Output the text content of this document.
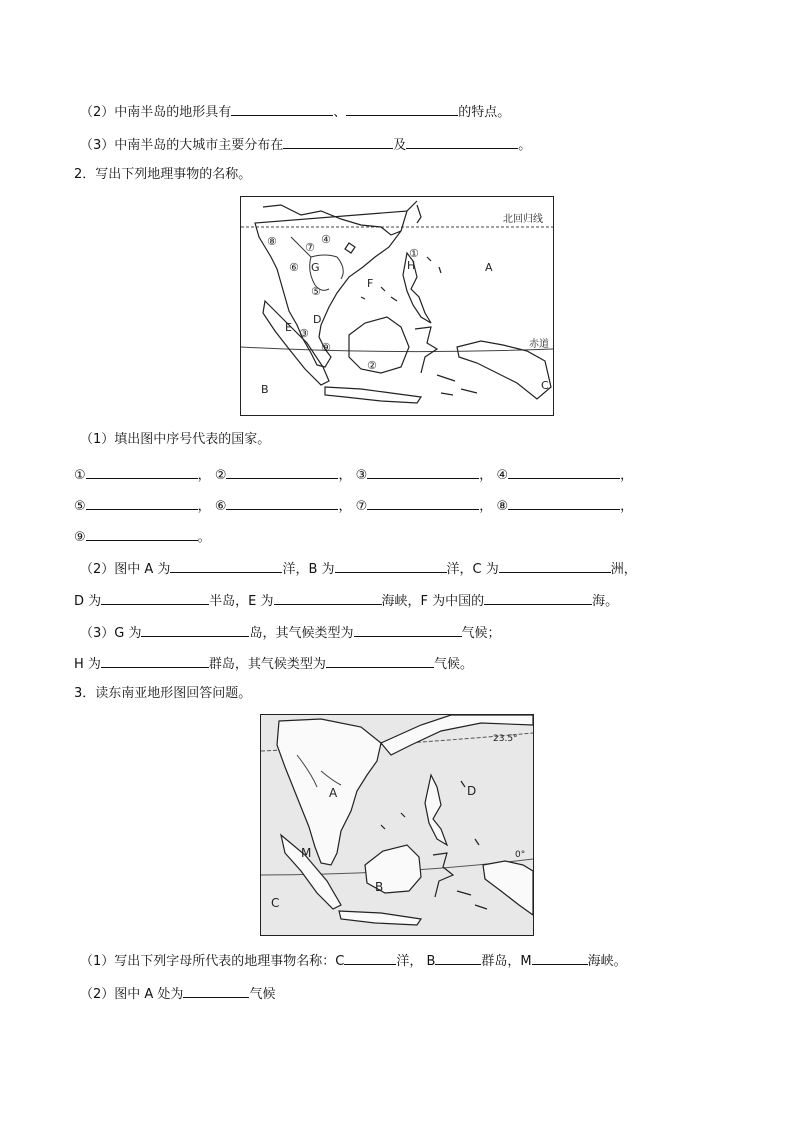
（2）中南半岛的地形具有	、	的特点。
（3）中南半岛的大城市主要分布在	及	。
2．写出下列地理事物的名称。
北回归线
赤道
A
B	C
D
E
F
G	H
①
②
③
④
⑤
⑥
⑦
⑧
⑨
（1）填出图中序号代表的国家。
①	， ②	， ③	， ④	，
⑤	， ⑥	， ⑦	， ⑧	，
⑨	。
（2）图中 A 为	洋，B 为	洋，C 为	洲，
D 为	半岛，E 为	海峡，F 为中国的	海。
（3）G 为	岛，其气候类型为	气候；
H 为	群岛，其气候类型为	气候。
3．读东南亚地形图回答问题。
23.5°
0°
A
B
C
D
M
（1）写出下列字母所代表的地理事物名称：C	洋， B	群岛，M	海峡。
（2）图中 A 处为	气候
